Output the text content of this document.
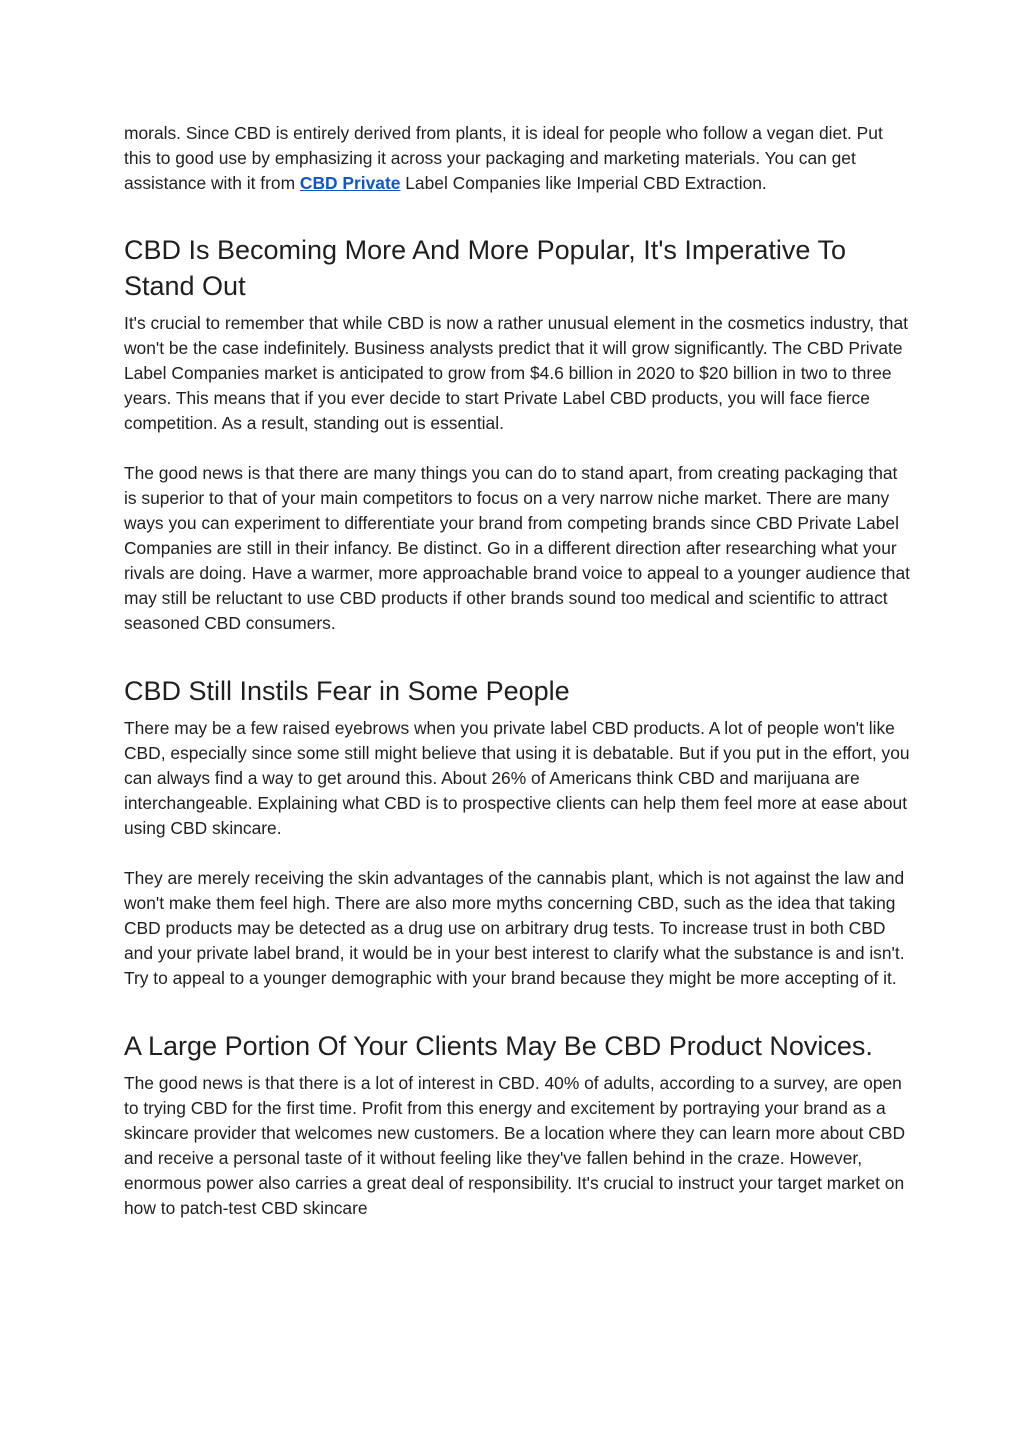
morals. Since CBD is entirely derived from plants, it is ideal for people who follow a vegan diet. Put this to good use by emphasizing it across your packaging and marketing materials. You can get assistance with it from CBD Private Label Companies like Imperial CBD Extraction.

CBD Is Becoming More And More Popular, It's Imperative To Stand Out

It's crucial to remember that while CBD is now a rather unusual element in the cosmetics industry, that won't be the case indefinitely. Business analysts predict that it will grow significantly. The CBD Private Label Companies market is anticipated to grow from $4.6 billion in 2020 to $20 billion in two to three years. This means that if you ever decide to start Private Label CBD products, you will face fierce competition. As a result, standing out is essential.

The good news is that there are many things you can do to stand apart, from creating packaging that is superior to that of your main competitors to focus on a very narrow niche market. There are many ways you can experiment to differentiate your brand from competing brands since CBD Private Label Companies are still in their infancy. Be distinct. Go in a different direction after researching what your rivals are doing. Have a warmer, more approachable brand voice to appeal to a younger audience that may still be reluctant to use CBD products if other brands sound too medical and scientific to attract seasoned CBD consumers.

CBD Still Instils Fear in Some People

There may be a few raised eyebrows when you private label CBD products. A lot of people won't like CBD, especially since some still might believe that using it is debatable. But if you put in the effort, you can always find a way to get around this. About 26% of Americans think CBD and marijuana are interchangeable. Explaining what CBD is to prospective clients can help them feel more at ease about using CBD skincare.

They are merely receiving the skin advantages of the cannabis plant, which is not against the law and won't make them feel high. There are also more myths concerning CBD, such as the idea that taking CBD products may be detected as a drug use on arbitrary drug tests. To increase trust in both CBD and your private label brand, it would be in your best interest to clarify what the substance is and isn't. Try to appeal to a younger demographic with your brand because they might be more accepting of it.

A Large Portion Of Your Clients May Be CBD Product Novices.

The good news is that there is a lot of interest in CBD. 40% of adults, according to a survey, are open to trying CBD for the first time. Profit from this energy and excitement by portraying your brand as a skincare provider that welcomes new customers. Be a location where they can learn more about CBD and receive a personal taste of it without feeling like they've fallen behind in the craze. However, enormous power also carries a great deal of responsibility. It's crucial to instruct your target market on how to patch-test CBD skincare
